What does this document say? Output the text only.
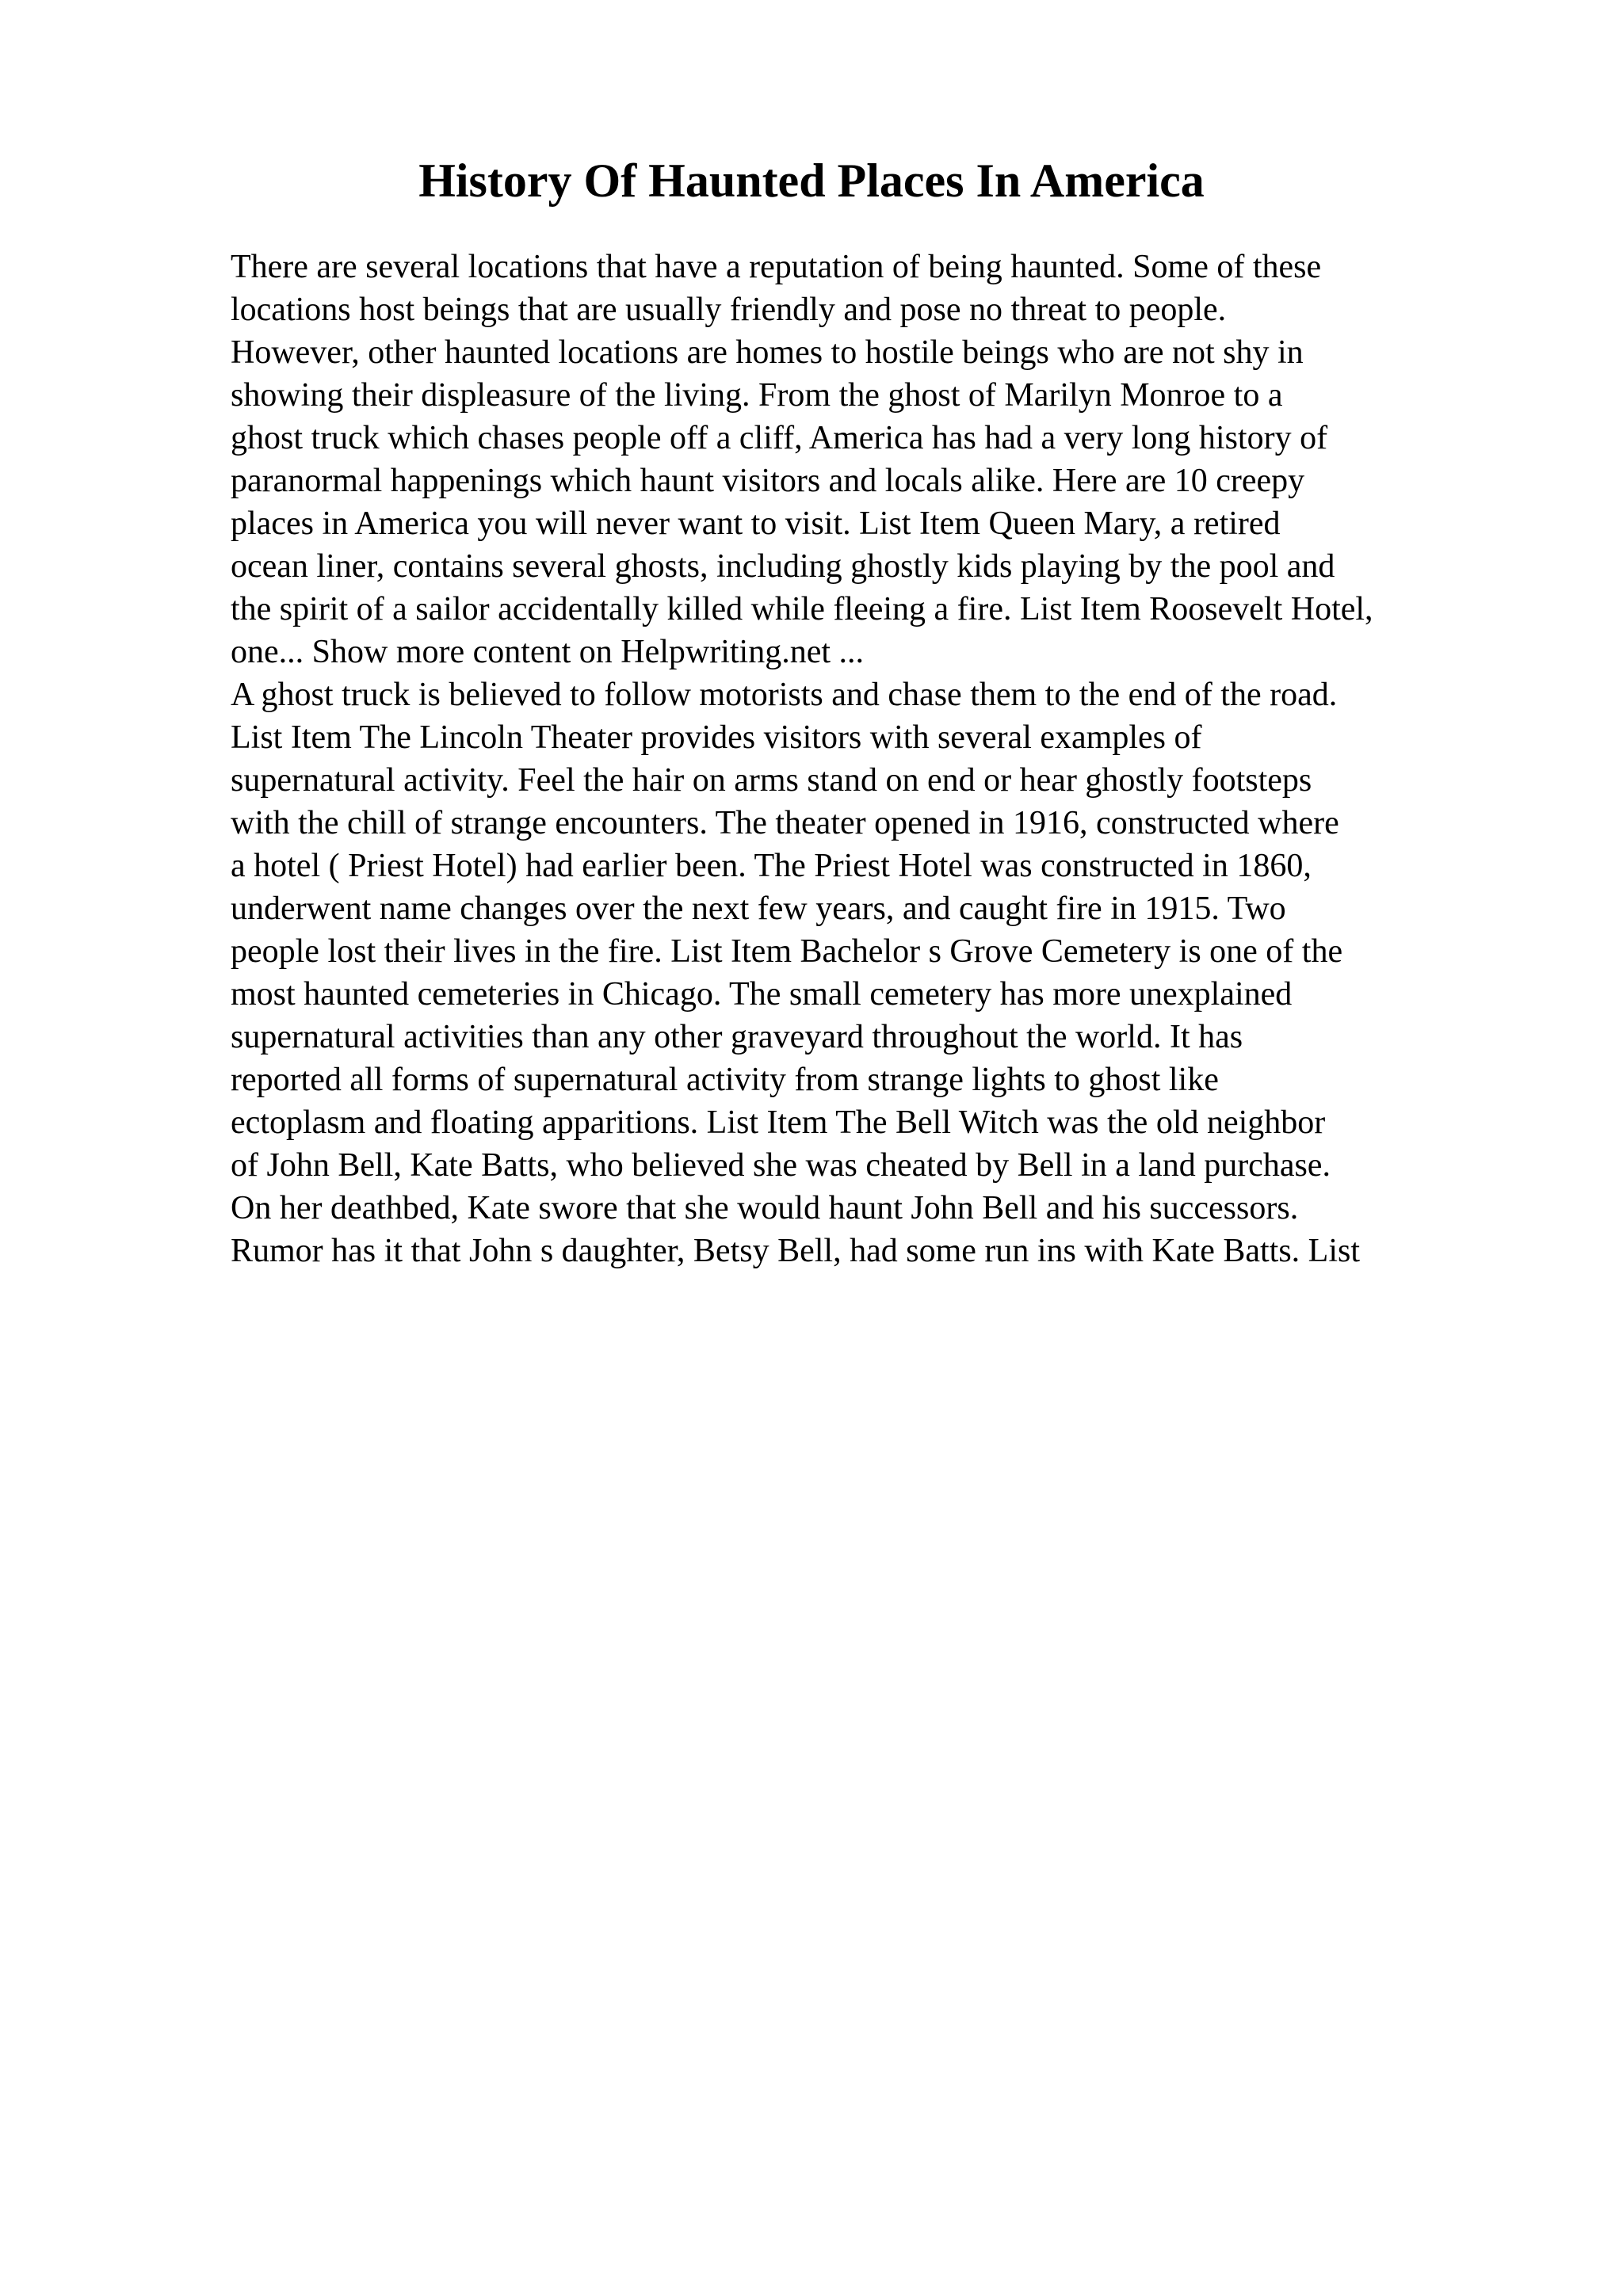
History Of Haunted Places In America
There are several locations that have a reputation of being haunted. Some of these
locations host beings that are usually friendly and pose no threat to people.
However, other haunted locations are homes to hostile beings who are not shy in
showing their displeasure of the living. From the ghost of Marilyn Monroe to a
ghost truck which chases people off a cliff, America has had a very long history of
paranormal happenings which haunt visitors and locals alike. Here are 10 creepy
places in America you will never want to visit. List Item Queen Mary, a retired
ocean liner, contains several ghosts, including ghostly kids playing by the pool and
the spirit of a sailor accidentally killed while fleeing a fire. List Item Roosevelt Hotel,
one... Show more content on Helpwriting.net ...
A ghost truck is believed to follow motorists and chase them to the end of the road.
List Item The Lincoln Theater provides visitors with several examples of
supernatural activity. Feel the hair on arms stand on end or hear ghostly footsteps
with the chill of strange encounters. The theater opened in 1916, constructed where
a hotel ( Priest Hotel) had earlier been. The Priest Hotel was constructed in 1860,
underwent name changes over the next few years, and caught fire in 1915. Two
people lost their lives in the fire. List Item Bachelor s Grove Cemetery is one of the
most haunted cemeteries in Chicago. The small cemetery has more unexplained
supernatural activities than any other graveyard throughout the world. It has
reported all forms of supernatural activity from strange lights to ghost like
ectoplasm and floating apparitions. List Item The Bell Witch was the old neighbor
of John Bell, Kate Batts, who believed she was cheated by Bell in a land purchase.
On her deathbed, Kate swore that she would haunt John Bell and his successors.
Rumor has it that John s daughter, Betsy Bell, had some run ins with Kate Batts. List
